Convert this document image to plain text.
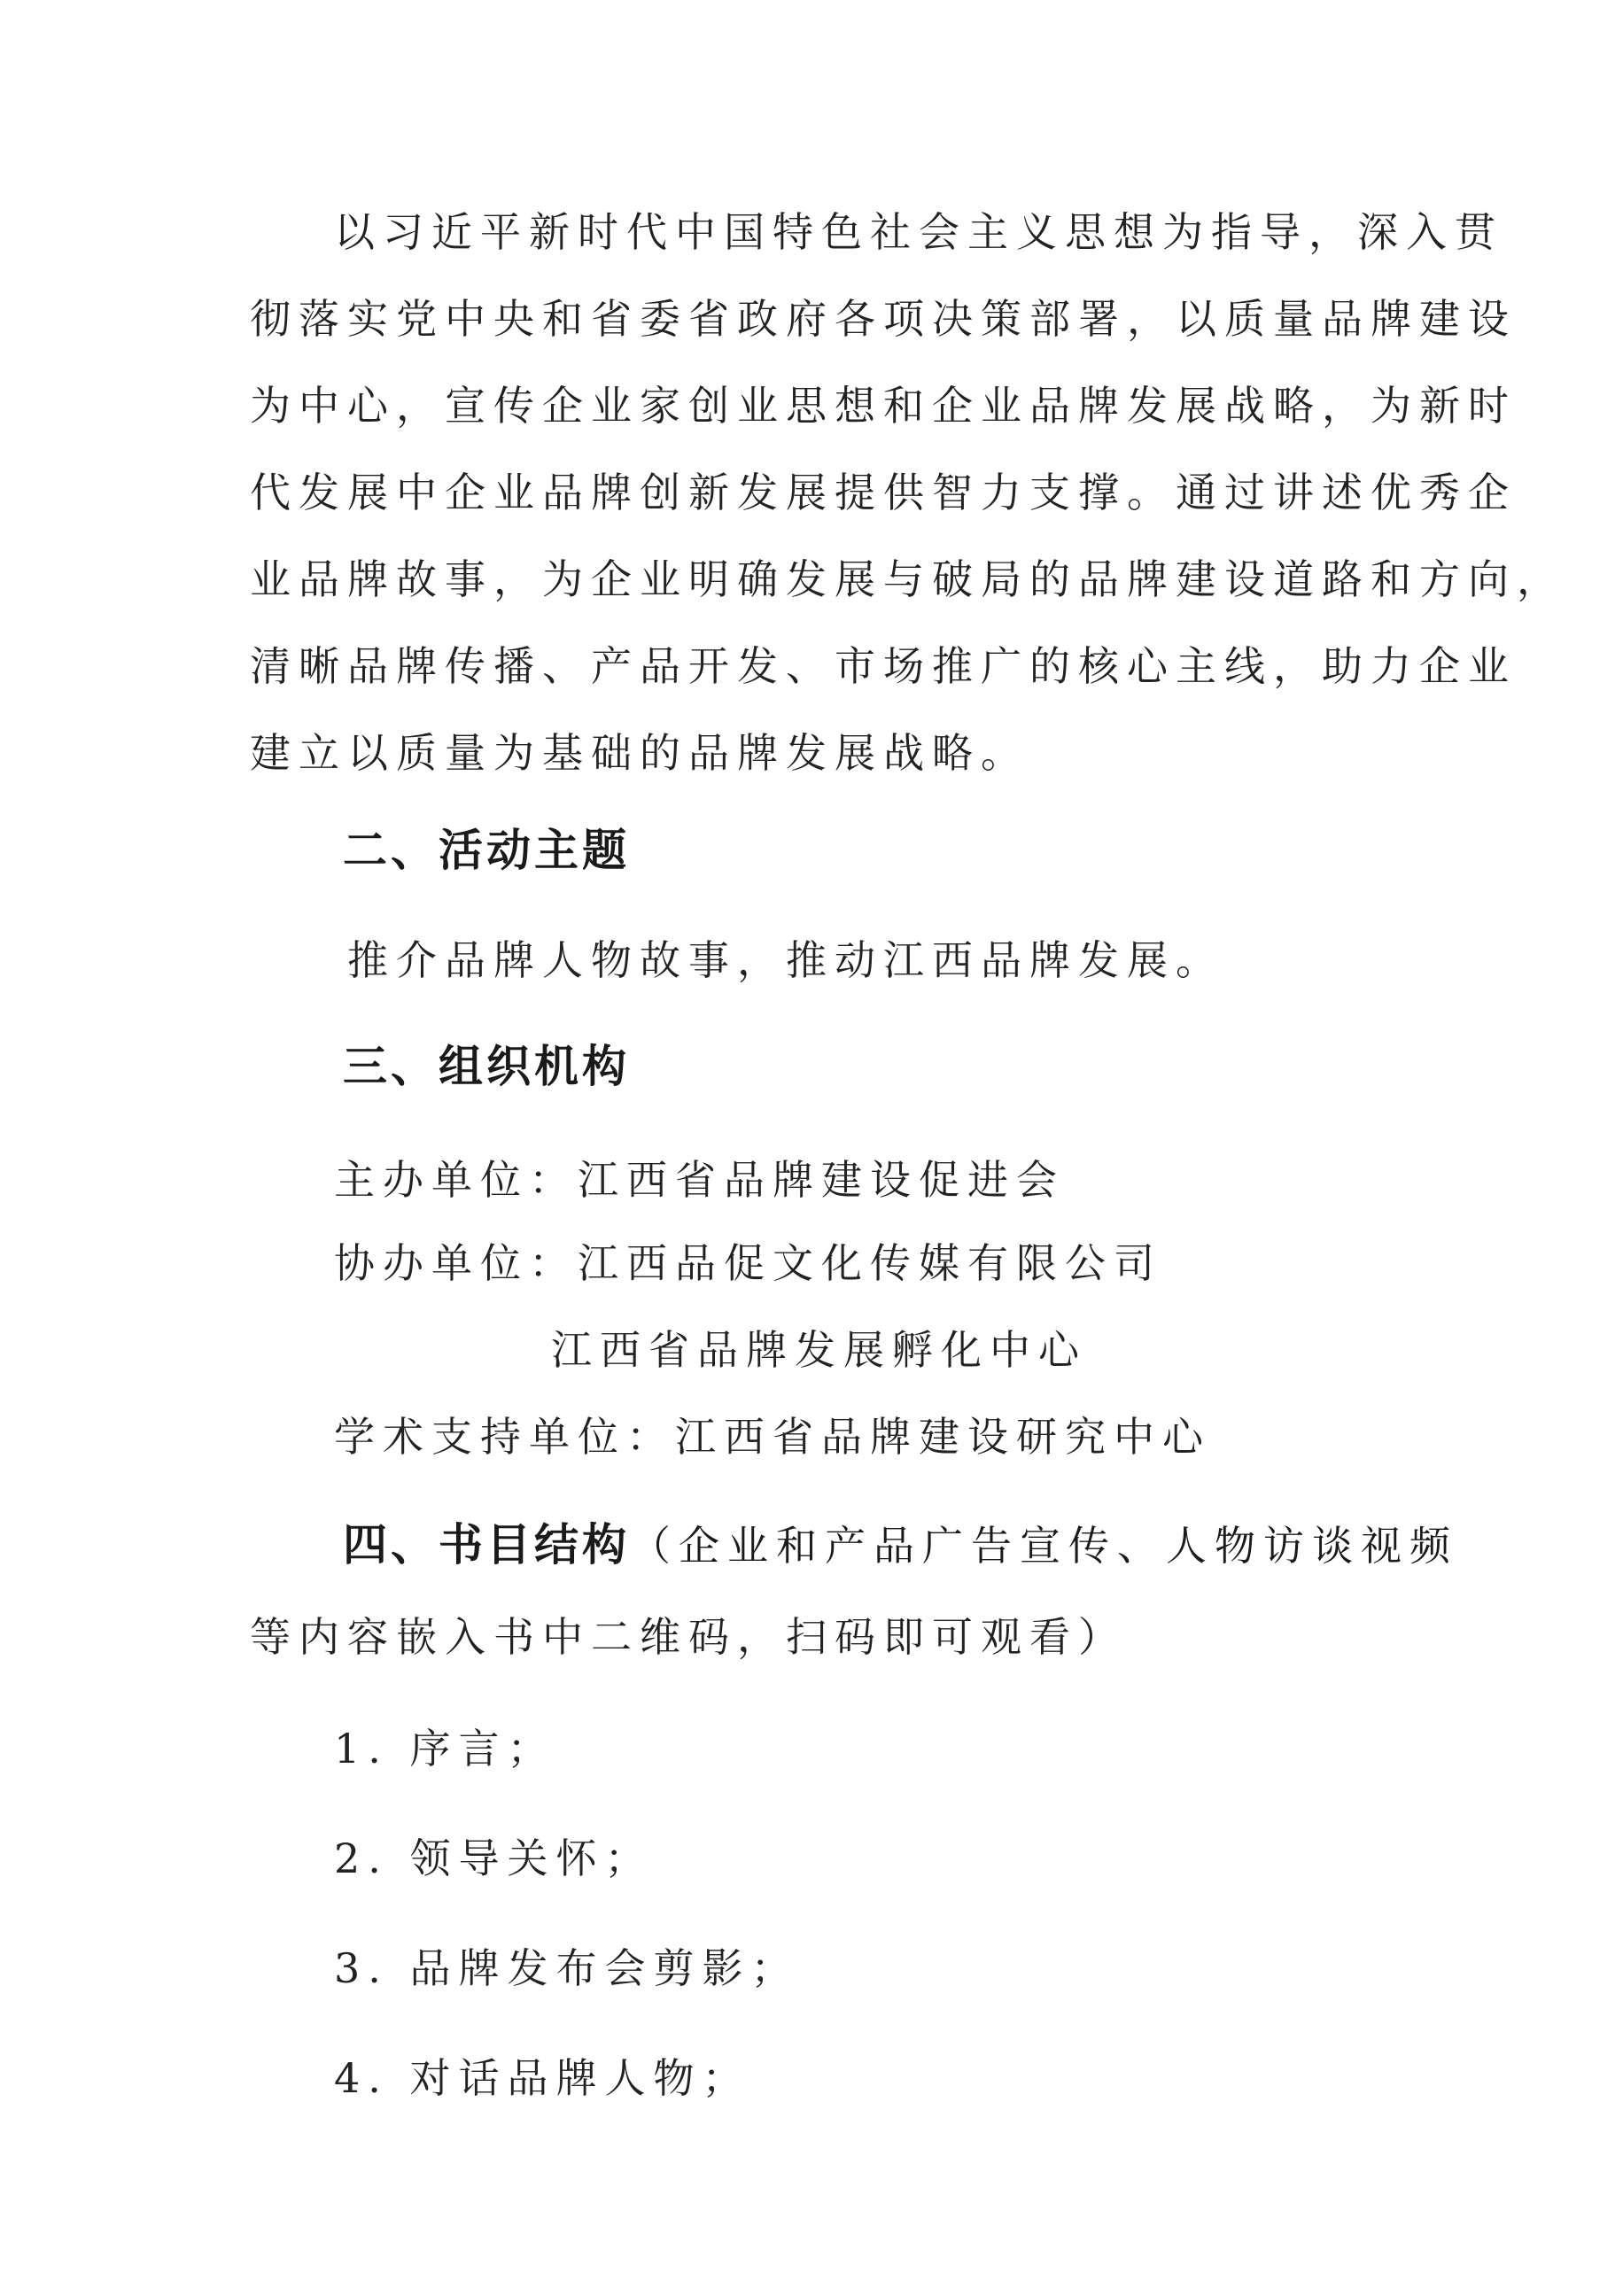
以习近平新时代中国特色社会主义思想为指导，深入贯
彻落实党中央和省委省政府各项决策部署，以质量品牌建设
为中心，宣传企业家创业思想和企业品牌发展战略，为新时
代发展中企业品牌创新发展提供智力支撑。通过讲述优秀企
业品牌故事，为企业明确发展与破局的品牌建设道路和方向，
清晰品牌传播、产品开发、市场推广的核心主线，助力企业
建立以质量为基础的品牌发展战略。
二、活动主题
推介品牌人物故事，推动江西品牌发展。
三、组织机构
主办单位：江西省品牌建设促进会
协办单位：江西品促文化传媒有限公司
江西省品牌发展孵化中心
学术支持单位：江西省品牌建设研究中心
四、书目结构（企业和产品广告宣传、人物访谈视频
等内容嵌入书中二维码，扫码即可观看）
1. 序言；
2. 领导关怀；
3. 品牌发布会剪影；
4. 对话品牌人物；
